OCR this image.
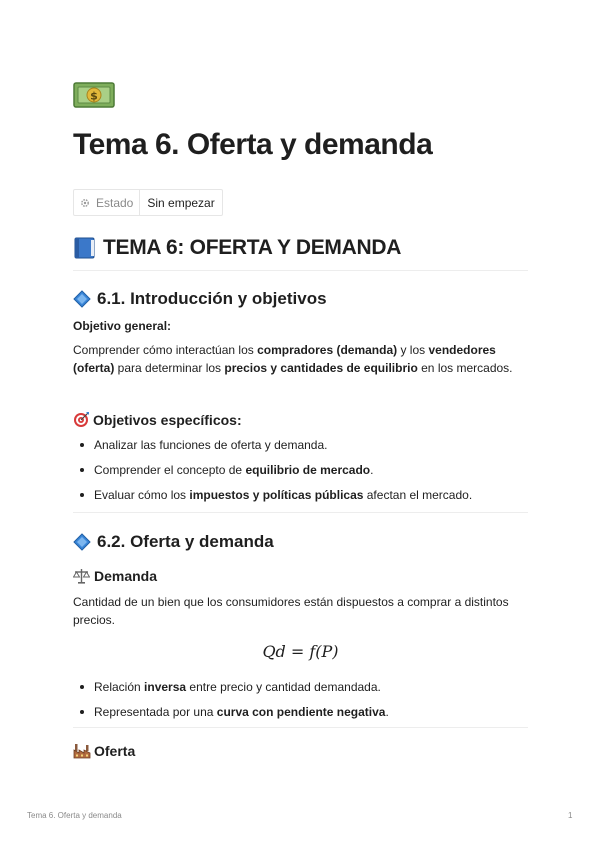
$
Tema 6. Oferta y demanda
Estado	Sin empezar
TEMA 6: OFERTA Y DEMANDA
6.1. Introducción y objetivos

Objetivo general:

Comprender cómo interactúan los compradores (demanda) y los vendedores (oferta) para determinar los precios y cantidades de equilibrio en los mercados.

Objetivos específicos:
Analizar las funciones de oferta y demanda.
Comprender el concepto de equilibrio de mercado.
Evaluar cómo los impuestos y políticas públicas afectan el mercado.
6.2. Oferta y demanda
Demanda

Cantidad de un bien que los consumidores están dispuestos a comprar a distintos precios.

Qd = f(P)
Relación inversa entre precio y cantidad demandada.
Representada por una curva con pendiente negativa.
Oferta
Tema 6. Oferta y demanda	1
